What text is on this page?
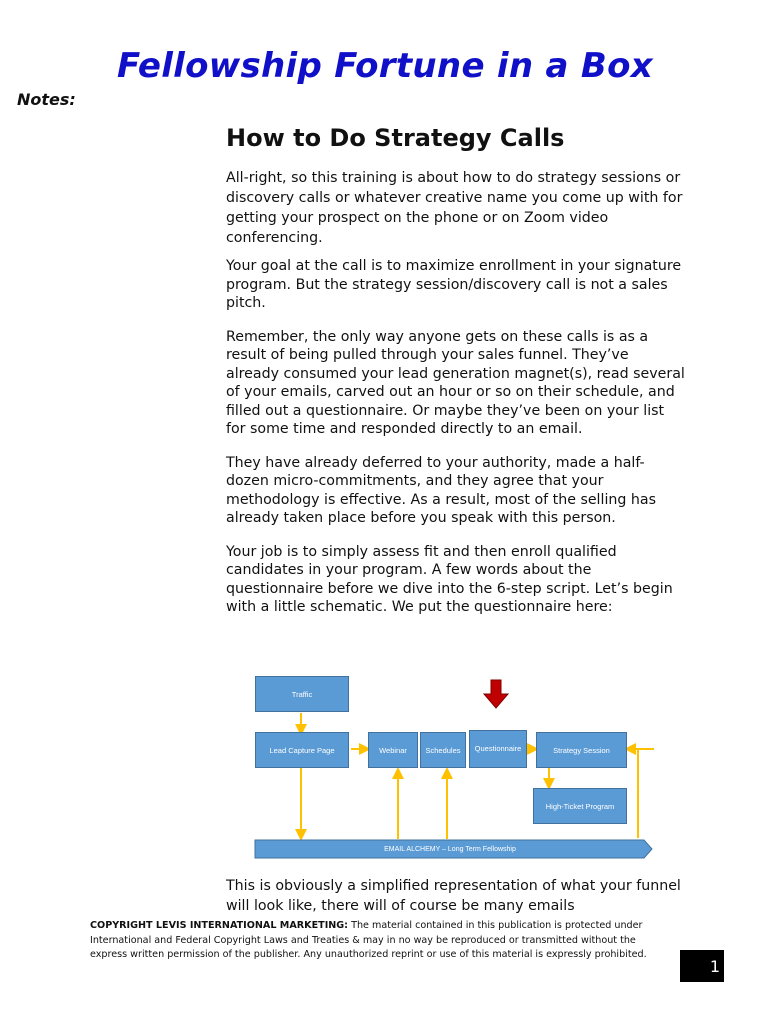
Fellowship Fortune in a Box
Notes:
How to Do Strategy Calls

All-right, so this training is about how to do strategy sessions or discovery calls or whatever creative name you come up with for getting your prospect on the phone or on Zoom video conferencing.

Your goal at the call is to maximize enrollment in your signature program. But the strategy session/discovery call is not a sales pitch.

Remember, the only way anyone gets on these calls is as a result of being pulled through your sales funnel. They’ve already consumed your lead generation magnet(s), read several of your emails, carved out an hour or so on their schedule, and filled out a questionnaire. Or maybe they’ve been on your list for some time and responded directly to an email.

They have already deferred to your authority, made a half-dozen micro-commitments, and they agree that your methodology is effective. As a result, most of the selling has already taken place before you speak with this person.

Your job is to simply assess fit and then enroll qualified candidates in your program. A few words about the questionnaire before we dive into the 6-step script. Let’s begin with a little schematic. We put the questionnaire here:

Traffic
Lead Capture Page	Webinar	Schedules	Questionnaire	Strategy Session
High-Ticket Program
EMAIL ALCHEMY – Long Term Fellowship

This is obviously a simplified representation of what your funnel will look like, there will of course be many emails

COPYRIGHT LEVIS INTERNATIONAL MARKETING: The material contained in this publication is protected under International and Federal Copyright Laws and Treaties & may in no way be reproduced or transmitted without the express written permission of the publisher. Any unauthorized reprint or use of this material is expressly prohibited.
1
